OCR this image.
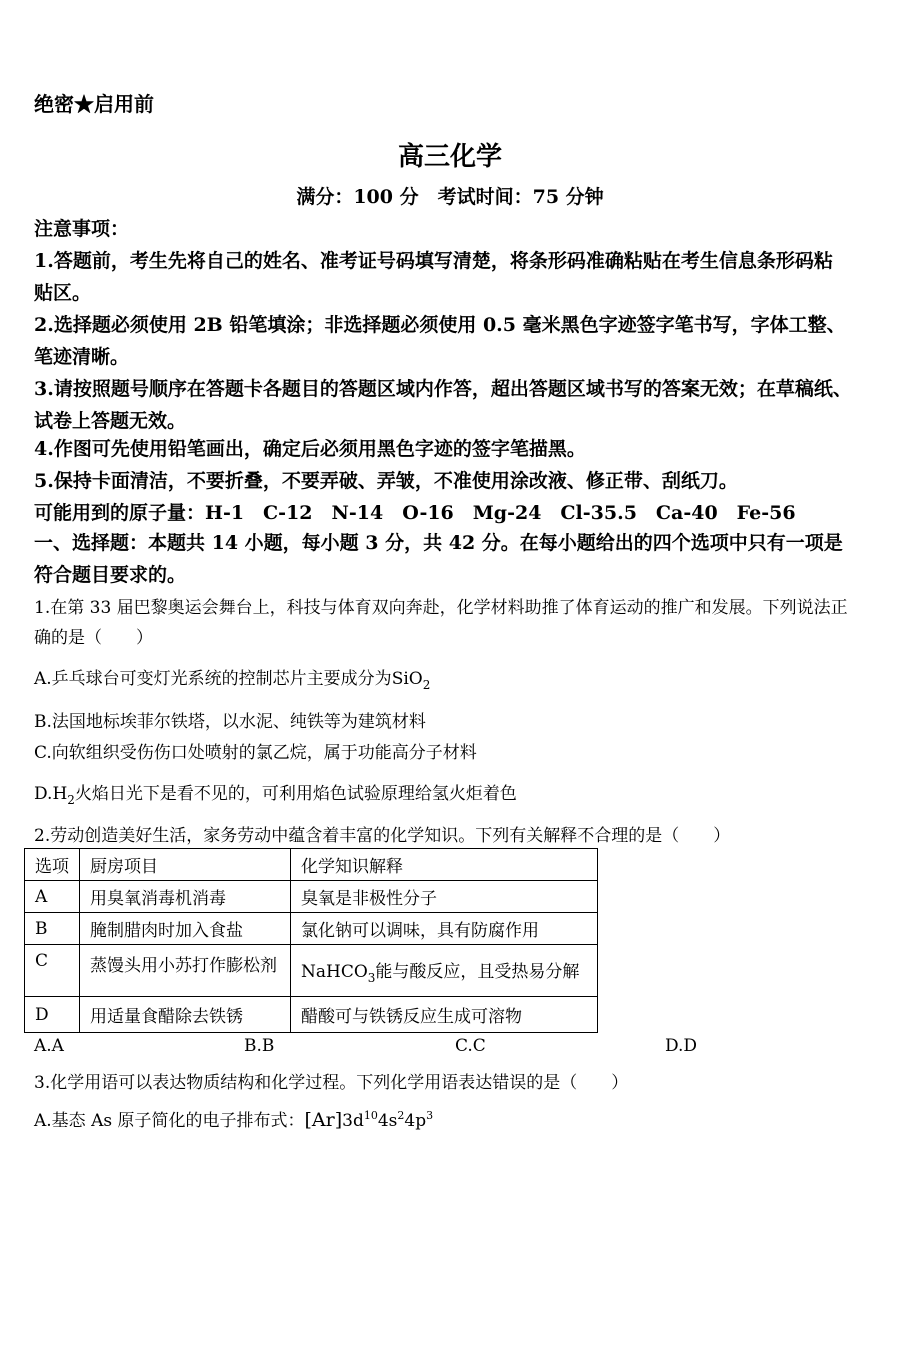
绝密★启用前
高三化学
满分：100 分　考试时间：75 分钟
注意事项：
1.答题前，考生先将自己的姓名、准考证号码填写清楚，将条形码准确粘贴在考生信息条形码粘
贴区。
2.选择题必须使用 2B 铅笔填涂；非选择题必须使用 0.5 毫米黑色字迹签字笔书写，字体工整、
笔迹清晰。
3.请按照题号顺序在答题卡各题目的答题区域内作答，超出答题区域书写的答案无效；在草稿纸、
试卷上答题无效。
4.作图可先使用铅笔画出，确定后必须用黑色字迹的签字笔描黑。
5.保持卡面清洁，不要折叠，不要弄破、弄皱，不准使用涂改液、修正带、刮纸刀。
可能用到的原子量：H-1　C-12　N-14　O-16　Mg-24　Cl-35.5　Ca-40　Fe-56
一、选择题：本题共 14 小题，每小题 3 分，共 42 分。在每小题给出的四个选项中只有一项是
符合题目要求的。
1.在第 33 届巴黎奥运会舞台上，科技与体育双向奔赴，化学材料助推了体育运动的推广和发展。下列说法正
确的是（　　）
A.乒乓球台可变灯光系统的控制芯片主要成分为SiO$_2$
B.法国地标埃菲尔铁塔，以水泥、纯铁等为建筑材料
C.向软组织受伤伤口处喷射的氯乙烷，属于功能高分子材料
$D.H_2$火焰日光下是看不见的，可利用焰色试验原理给氢火炬着色
2.劳动创造美好生活，家务劳动中蕴含着丰富的化学知识。下列有关解释不合理的是（　　）
选项	厨房项目	化学知识解释
A	用臭氧消毒机消毒	臭氧是非极性分子
B	腌制腊肉时加入食盐	氯化钠可以调味，具有防腐作用
C	蒸馒头用小苏打作膨松剂	NaHCO$_3$能与酸反应，且受热易分解
D	用适量食醋除去铁锈	醋酸可与铁锈反应生成可溶物
A.A	B.B	C.C	D.D
3.化学用语可以表达物质结构和化学过程。下列化学用语表达错误的是（　　）
A.基态 As 原子简化的电子排布式：$[Ar]3d^{10}4s^24p^3$
